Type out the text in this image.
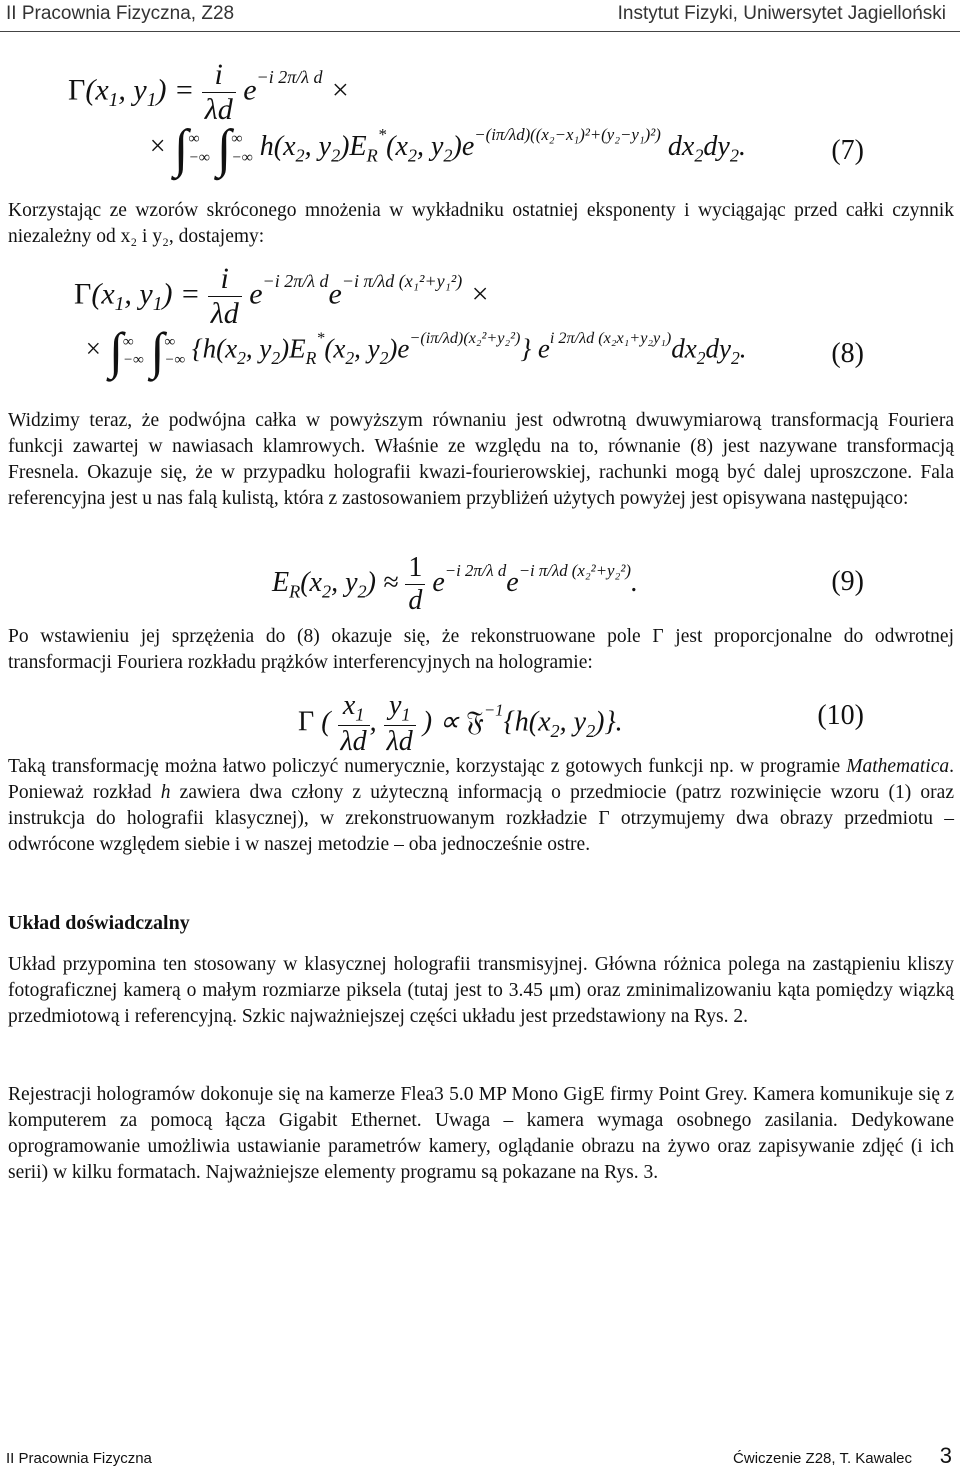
II Pracownia Fizyczna, Z28	Instytut Fizyki, Uniwersytet Jagielloński
$\Gamma(x_1$, $y_1) = \frac{i}{\lambda d} e^{-i 2\pi/\lambda d}$ ×
× ∫∞
−∞ ∫∞
−∞ $h(x_2$, $y_2)E_R^*(x_2$, $y_2)e^{-(i\pi/\lambda d)((x_2-x_1)^2+(y_2-y_1)^2)}$ $dx_2dy_2$.	(7)
Korzystając ze wzorów skróconego mnożenia w wykładniku ostatniej eksponenty i wyciągając przed całki czynnik niezależny od x₂ i y₂, dostajemy:
$\Gamma(x_1$, $y_1) = \frac{i}{\lambda d} e^{-i 2\pi/\lambda d}e^{-i \pi/\lambda d (x_1^2+y_1^2)}$ ×
× ∫∞
−∞ ∫∞
−∞ {$h(x_2$, $y_2)E_R^*(x_2$, $y_2)e^{-(i\pi/\lambda d)(x_2^2+y_2^2)}$} $e^{i 2\pi/\lambda d (x_2x_1+y_2y_1)}dx_2dy_2$.	(8)
Widzimy teraz, że podwójna całka w powyższym równaniu jest odwrotną dwuwymiarową transformacją Fouriera funkcji zawartej w nawiasach klamrowych. Właśnie ze względu na to, równanie (8) jest nazywane transformacją Fresnela. Okazuje się, że w przypadku holografii kwazi-fourierowskiej, rachunki mogą być dalej uproszczone. Fala referencyjna jest u nas falą kulistą, która z zastosowaniem przybliżeń użytych powyżej jest opisywana następująco:
$E_R(x_2$, $y_2) \approx \frac{1}{d} e^{-i 2\pi/\lambda d}e^{-i \pi/\lambda d (x_2^2+y_2^2)}$.	(9)
Po wstawieniu jej sprzężenia do (8) okazuje się, że rekonstruowane pole Γ jest proporcjonalne do odwrotnej transformacji Fouriera rozkładu prążków interferencyjnych na hologramie:
Γ ( $\frac{x_1}{\lambda d}$ , $\frac{y_1}{\lambda d}$ ) ∝ $𝔉^{-1}\{h(x_2$, $y_2$)}.	(10)
Taką transformację można łatwo policzyć numerycznie, korzystając z gotowych funkcji np. w programie Mathematica. Ponieważ rozkład h zawiera dwa człony z użyteczną informacją o przedmiocie (patrz rozwinięcie wzoru (1) oraz instrukcja do holografii klasycznej), w zrekonstruowanym rozkładzie Γ otrzymujemy dwa obrazy przedmiotu – odwrócone względem siebie i w naszej metodzie – oba jednocześnie ostre.
Układ doświadczalny
Układ przypomina ten stosowany w klasycznej holografii transmisyjnej. Główna różnica polega na zastąpieniu kliszy fotograficznej kamerą o małym rozmiarze piksela (tutaj jest to 3.45 μm) oraz zminimalizowaniu kąta pomiędzy wiązką przedmiotową i referencyjną. Szkic najważniejszej części układu jest przedstawiony na Rys. 2.
Rejestracji hologramów dokonuje się na kamerze Flea3 5.0 MP Mono GigE firmy Point Grey. Kamera komunikuje się z komputerem za pomocą łącza Gigabit Ethernet. Uwaga – kamera wymaga osobnego zasilania. Dedykowane oprogramowanie umożliwia ustawianie parametrów kamery, oglądanie obrazu na żywo oraz zapisywanie zdjęć (i ich serii) w kilku formatach. Najważniejsze elementy programu są pokazane na Rys. 3.
II Pracownia Fizyczna	Ćwiczenie Z28, T. Kawalec 3
